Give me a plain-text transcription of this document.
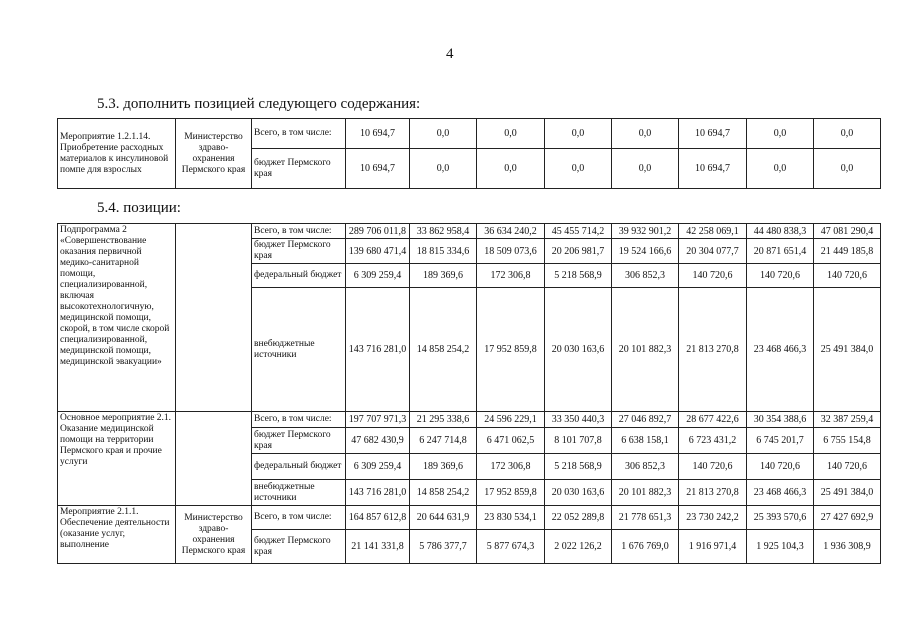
4
5.3. дополнить позицией следующего содержания:
Мероприятие 1.2.1.14. Приобретение расходных материалов к инсулиновой помпе для взрослых	Министерство здраво-охранения Пермского края	Всего, в том числе:	10 694,7	0,0	0,0	0,0	0,0	10 694,7	0,0	0,0
		бюджет Пермского края	10 694,7	0,0	0,0	0,0	0,0	10 694,7	0,0	0,0
5.4. позиции:
Подпрограмма 2 «Совершенствование оказания первичной медико-санитарной помощи, специализированной, включая высокотехнологичную, медицинской помощи, скорой, в том числе скорой специализированной, медицинской помощи, медицинской эвакуации»		Всего, в том числе:	289 706 011,8	33 862 958,4	36 634 240,2	45 455 714,2	39 932 901,2	42 258 069,1	44 480 838,3	47 081 290,4
		бюджет Пермского края	139 680 471,4	18 815 334,6	18 509 073,6	20 206 981,7	19 524 166,6	20 304 077,7	20 871 651,4	21 449 185,8
		федеральный бюджет	6 309 259,4	189 369,6	172 306,8	5 218 568,9	306 852,3	140 720,6	140 720,6	140 720,6
		внебюджетные источники	143 716 281,0	14 858 254,2	17 952 859,8	20 030 163,6	20 101 882,3	21 813 270,8	23 468 466,3	25 491 384,0
Основное мероприятие 2.1. Оказание медицинской помощи на территории Пермского края и прочие услуги		Всего, в том числе:	197 707 971,3	21 295 338,6	24 596 229,1	33 350 440,3	27 046 892,7	28 677 422,6	30 354 388,6	32 387 259,4
		бюджет Пермского края	47 682 430,9	6 247 714,8	6 471 062,5	8 101 707,8	6 638 158,1	6 723 431,2	6 745 201,7	6 755 154,8
		федеральный бюджет	6 309 259,4	189 369,6	172 306,8	5 218 568,9	306 852,3	140 720,6	140 720,6	140 720,6
		внебюджетные источники	143 716 281,0	14 858 254,2	17 952 859,8	20 030 163,6	20 101 882,3	21 813 270,8	23 468 466,3	25 491 384,0
Мероприятие 2.1.1. Обеспечение деятельности (оказание услуг, выполнение	Министерство здраво-охранения Пермского края	Всего, в том числе:	164 857 612,8	20 644 631,9	23 830 534,1	22 052 289,8	21 778 651,3	23 730 242,2	25 393 570,6	27 427 692,9
		бюджет Пермского края	21 141 331,8	5 786 377,7	5 877 674,3	2 022 126,2	1 676 769,0	1 916 971,4	1 925 104,3	1 936 308,9
